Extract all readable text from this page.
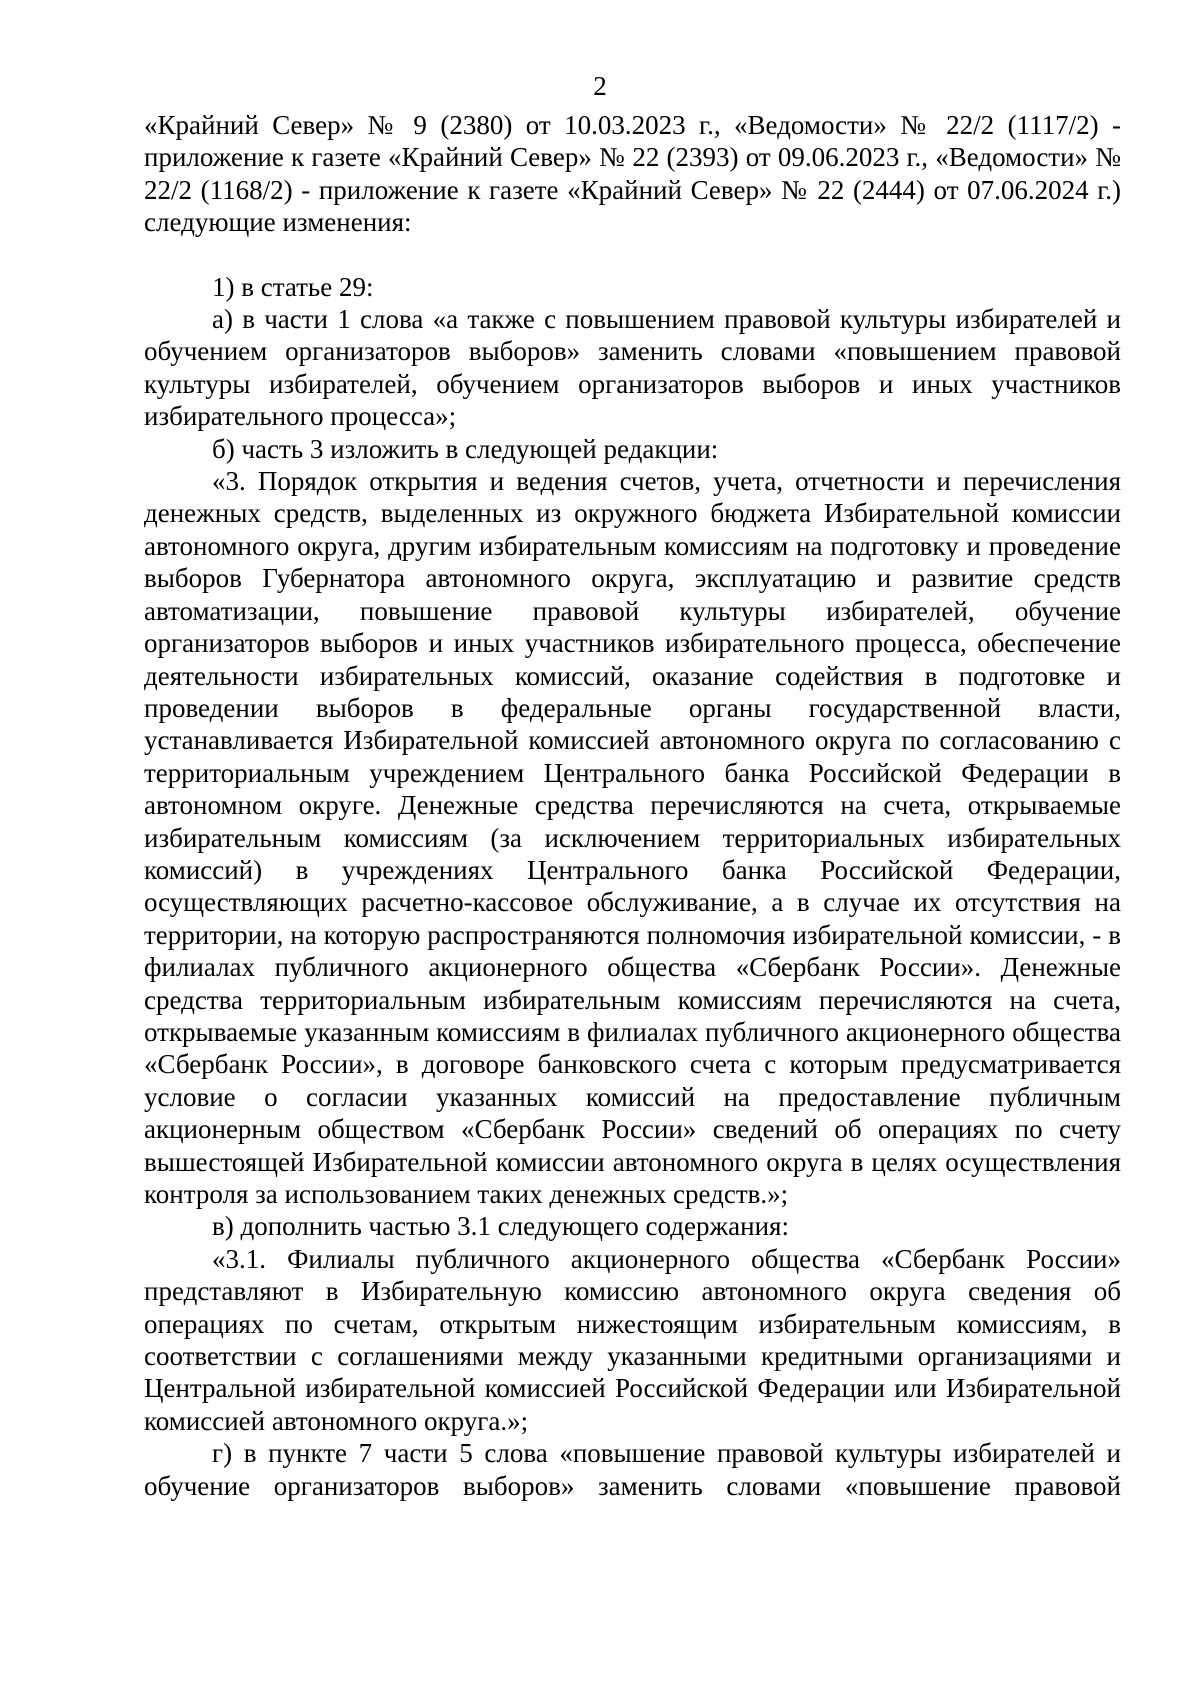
2

«Крайний Север» № 9 (2380) от 10.03.2023 г., «Ведомости» № 22/2 (1117/2) - приложение к газете «Крайний Север» № 22 (2393) от 09.06.2023 г., «Ведомости» № 22/2 (1168/2) - приложение к газете «Крайний Север» № 22 (2444) от 07.06.2024 г.) следующие изменения:

1) в статье 29:

а) в части 1 слова «а также с повышением правовой культуры избирателей и обучением организаторов выборов» заменить словами «повышением правовой культуры избирателей, обучением организаторов выборов и иных участников избирательного процесса»;

б) часть 3 изложить в следующей редакции:

«3. Порядок открытия и ведения счетов, учета, отчетности и перечисления денежных средств, выделенных из окружного бюджета Избирательной комиссии автономного округа, другим избирательным комиссиям на подготовку и проведение выборов Губернатора автономного округа, эксплуатацию и развитие средств автоматизации, повышение правовой культуры избирателей, обучение организаторов выборов и иных участников избирательного процесса, обеспечение деятельности избирательных комиссий, оказание содействия в подготовке и проведении выборов в федеральные органы государственной власти, устанавливается Избирательной комиссией автономного округа по согласованию с территориальным учреждением Центрального банка Российской Федерации в автономном округе. Денежные средства перечисляются на счета, открываемые избирательным комиссиям (за исключением территориальных избирательных комиссий) в учреждениях Центрального банка Российской Федерации, осуществляющих расчетно-кассовое обслуживание, а в случае их отсутствия на территории, на которую распространяются полномочия избирательной комиссии, - в филиалах публичного акционерного общества «Сбербанк России». Денежные средства территориальным избирательным комиссиям перечисляются на счета, открываемые указанным комиссиям в филиалах публичного акционерного общества «Сбербанк России», в договоре банковского счета с которым предусматривается условие о согласии указанных комиссий на предоставление публичным акционерным обществом «Сбербанк России» сведений об операциях по счету вышестоящей Избирательной комиссии автономного округа в целях осуществления контроля за использованием таких денежных средств.»;

в) дополнить частью 3.1 следующего содержания:

«3.1. Филиалы публичного акционерного общества «Сбербанк России» представляют в Избирательную комиссию автономного округа сведения об операциях по счетам, открытым нижестоящим избирательным комиссиям, в соответствии с соглашениями между указанными кредитными организациями и Центральной избирательной комиссией Российской Федерации или Избирательной комиссией автономного округа.»;

г) в пункте 7 части 5 слова «повышение правовой культуры избирателей и обучение организаторов выборов» заменить словами «повышение правовой
